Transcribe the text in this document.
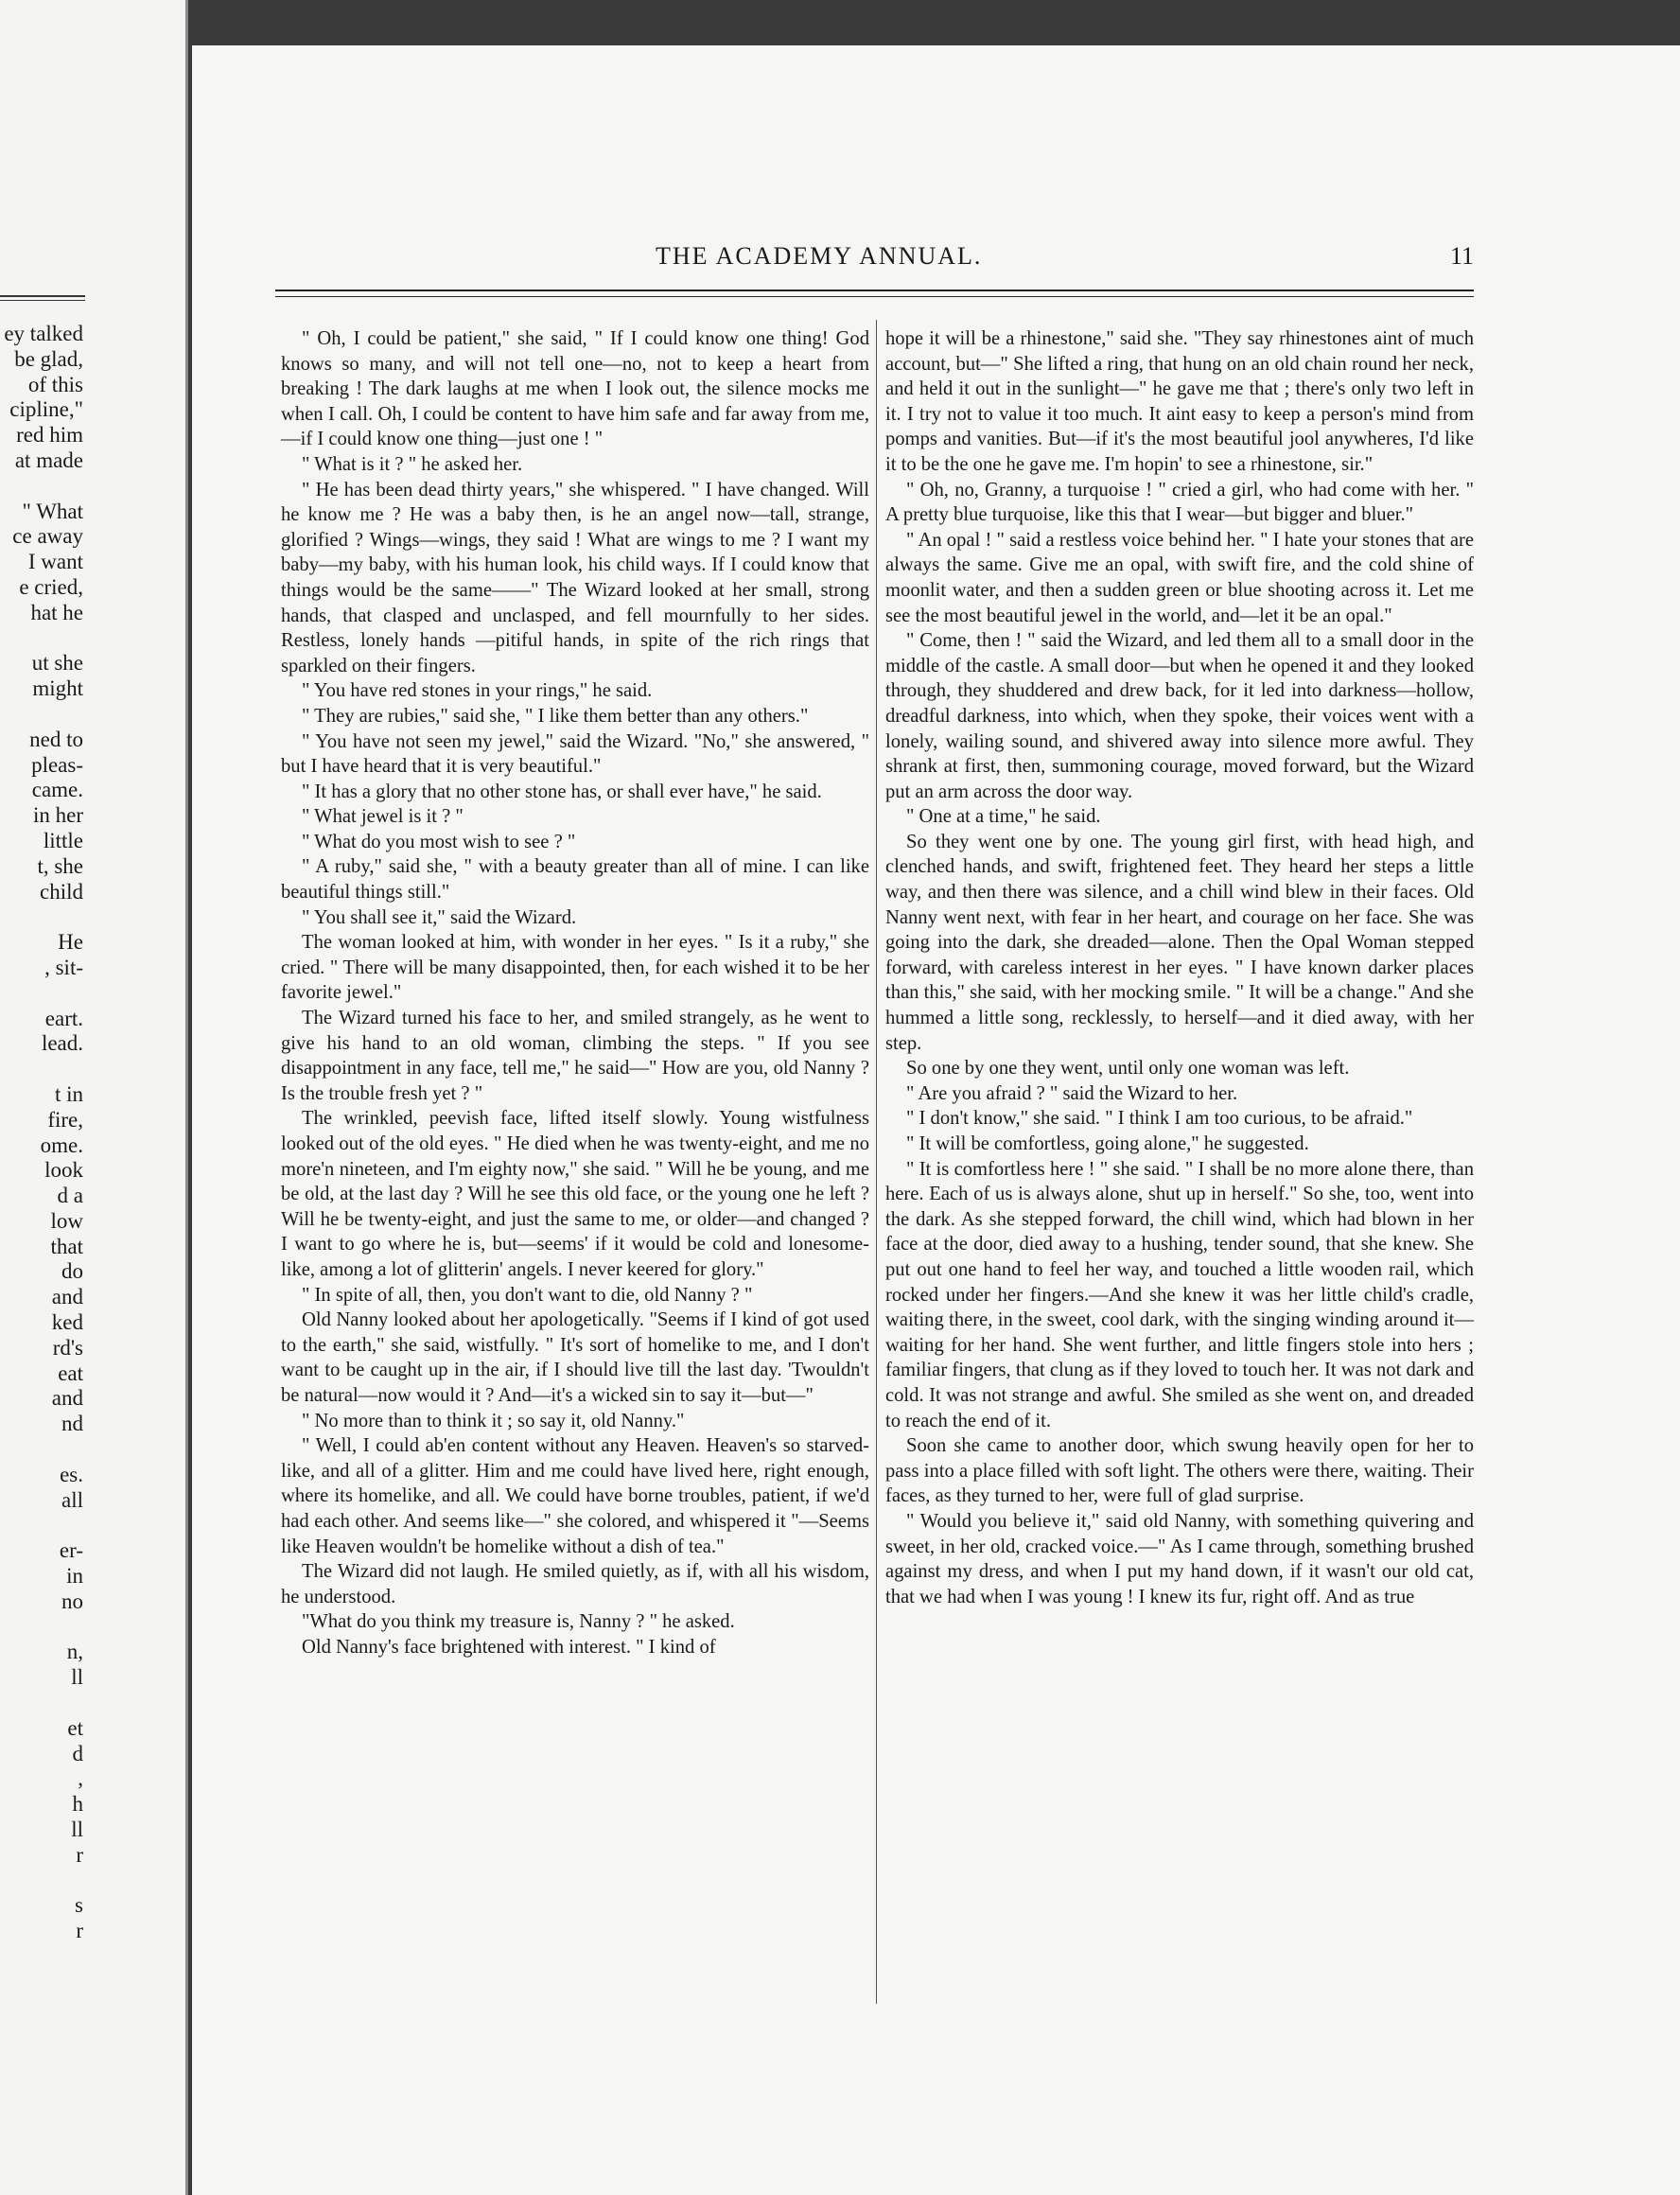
ey talked
be glad,
of this
cipline,"
red him
at made
" What
ce away
I want
e cried,
hat he
ut she
might
ned to
pleas-
came.
in her
little
t, she
child
He
, sit-
eart.
lead.
t in
fire,
ome.
look
d a
low
that
do
and
ked
rd's
eat
and
nd
es.
all
er-
in
no
n,
ll
et
d
,
h
ll
r
s
r
THE ACADEMY ANNUAL.	11

" Oh, I could be patient," she said, " If I could know one thing! God knows so many, and will not tell one—no, not to keep a heart from breaking ! The dark laughs at me when I look out, the silence mocks me when I call. Oh, I could be content to have him safe and far away from me,—if I could know one thing—just one ! "

" What is it ? " he asked her.

" He has been dead thirty years," she whispered. " I have changed. Will he know me ? He was a baby then, is he an angel now—tall, strange, glorified ? Wings—wings, they said ! What are wings to me ? I want my baby—my baby, with his human look, his child ways. If I could know that things would be the same——" The Wizard looked at her small, strong hands, that clasped and unclasped, and fell mournfully to her sides. Restless, lonely hands —pitiful hands, in spite of the rich rings that sparkled on their fingers.

" You have red stones in your rings," he said.

" They are rubies," said she, " I like them better than any others."

" You have not seen my jewel," said the Wizard. "No," she answered, " but I have heard that it is very beautiful."

" It has a glory that no other stone has, or shall ever have," he said.

" What jewel is it ? "

" What do you most wish to see ? "

" A ruby," said she, " with a beauty greater than all of mine. I can like beautiful things still."

" You shall see it," said the Wizard.

The woman looked at him, with wonder in her eyes. " Is it a ruby," she cried. " There will be many disappointed, then, for each wished it to be her favorite jewel."

The Wizard turned his face to her, and smiled strangely, as he went to give his hand to an old woman, climbing the steps. " If you see disappointment in any face, tell me," he said—" How are you, old Nanny ? Is the trouble fresh yet ? "

The wrinkled, peevish face, lifted itself slowly. Young wistfulness looked out of the old eyes. " He died when he was twenty-eight, and me no more'n nineteen, and I'm eighty now," she said. " Will he be young, and me be old, at the last day ? Will he see this old face, or the young one he left ? Will he be twenty-eight, and just the same to me, or older—and changed ? I want to go where he is, but—seems' if it would be cold and lonesome-like, among a lot of glitterin' angels. I never keered for glory."

" In spite of all, then, you don't want to die, old Nanny ? "

Old Nanny looked about her apologetically. "Seems if I kind of got used to the earth," she said, wistfully. " It's sort of homelike to me, and I don't want to be caught up in the air, if I should live till the last day. 'Twouldn't be natural—now would it ? And—it's a wicked sin to say it—but—"

" No more than to think it ; so say it, old Nanny."

" Well, I could ab'en content without any Heaven. Heaven's so starved-like, and all of a glitter. Him and me could have lived here, right enough, where its homelike, and all. We could have borne troubles, patient, if we'd had each other. And seems like—" she colored, and whispered it "—Seems like Heaven wouldn't be homelike without a dish of tea."

The Wizard did not laugh. He smiled quietly, as if, with all his wisdom, he understood.

"What do you think my treasure is, Nanny ? " he asked.

Old Nanny's face brightened with interest. " I kind of

hope it will be a rhinestone," said she. "They say rhinestones aint of much account, but—" She lifted a ring, that hung on an old chain round her neck, and held it out in the sunlight—" he gave me that ; there's only two left in it. I try not to value it too much. It aint easy to keep a person's mind from pomps and vanities. But—if it's the most beautiful jool anywheres, I'd like it to be the one he gave me. I'm hopin' to see a rhinestone, sir."

" Oh, no, Granny, a turquoise ! " cried a girl, who had come with her. " A pretty blue turquoise, like this that I wear—but bigger and bluer."

" An opal ! " said a restless voice behind her. " I hate your stones that are always the same. Give me an opal, with swift fire, and the cold shine of moonlit water, and then a sudden green or blue shooting across it. Let me see the most beautiful jewel in the world, and—let it be an opal."

" Come, then ! " said the Wizard, and led them all to a small door in the middle of the castle. A small door—but when he opened it and they looked through, they shuddered and drew back, for it led into darkness—hollow, dreadful darkness, into which, when they spoke, their voices went with a lonely, wailing sound, and shivered away into silence more awful. They shrank at first, then, summoning courage, moved forward, but the Wizard put an arm across the door way.

" One at a time," he said.

So they went one by one. The young girl first, with head high, and clenched hands, and swift, frightened feet. They heard her steps a little way, and then there was silence, and a chill wind blew in their faces. Old Nanny went next, with fear in her heart, and courage on her face. She was going into the dark, she dreaded—alone. Then the Opal Woman stepped forward, with careless interest in her eyes. " I have known darker places than this," she said, with her mocking smile. " It will be a change." And she hummed a little song, recklessly, to herself—and it died away, with her step.

So one by one they went, until only one woman was left.

" Are you afraid ? " said the Wizard to her.

" I don't know," she said. " I think I am too curious, to be afraid."

" It will be comfortless, going alone," he suggested.

" It is comfortless here ! " she said. " I shall be no more alone there, than here. Each of us is always alone, shut up in herself." So she, too, went into the dark. As she stepped forward, the chill wind, which had blown in her face at the door, died away to a hushing, tender sound, that she knew. She put out one hand to feel her way, and touched a little wooden rail, which rocked under her fingers.—And she knew it was her little child's cradle, waiting there, in the sweet, cool dark, with the singing winding around it—waiting for her hand. She went further, and little fingers stole into hers ; familiar fingers, that clung as if they loved to touch her. It was not dark and cold. It was not strange and awful. She smiled as she went on, and dreaded to reach the end of it.

Soon she came to another door, which swung heavily open for her to pass into a place filled with soft light. The others were there, waiting. Their faces, as they turned to her, were full of glad surprise.

" Would you believe it," said old Nanny, with something quivering and sweet, in her old, cracked voice.—" As I came through, something brushed against my dress, and when I put my hand down, if it wasn't our old cat, that we had when I was young ! I knew its fur, right off. And as true
